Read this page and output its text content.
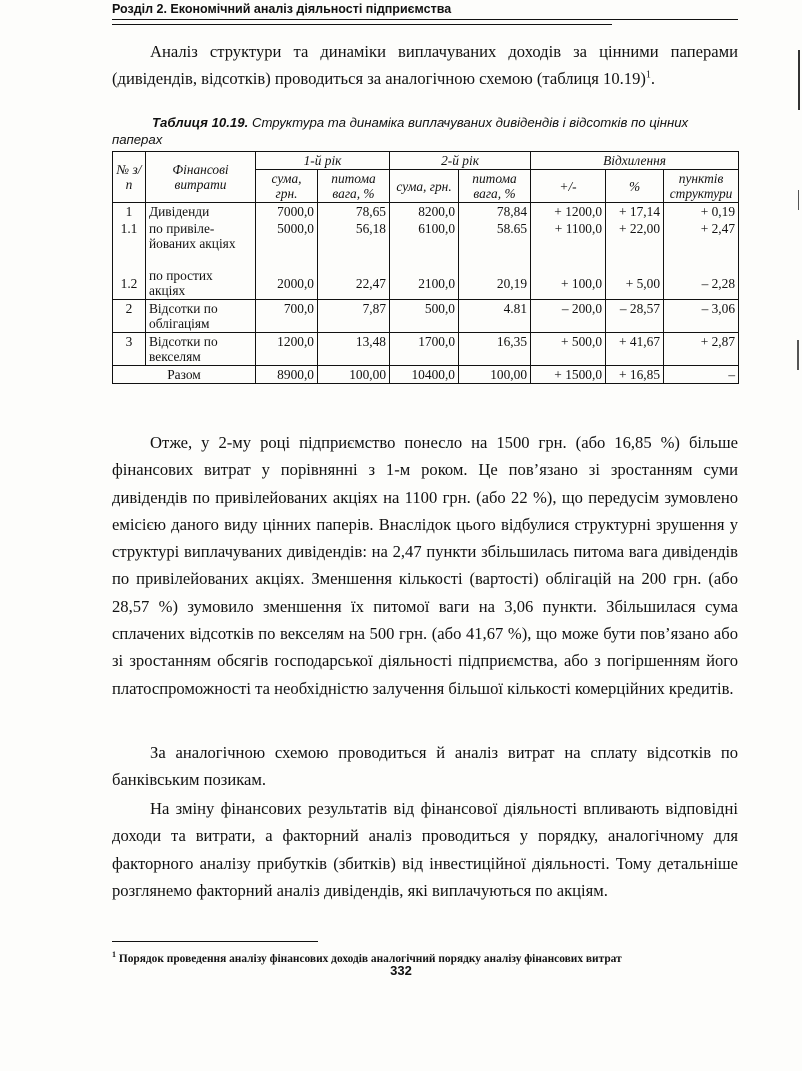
Розділ 2. Економічний аналіз діяльності підприємства

Аналіз структури та динаміки виплачуваних доходів за цінними паперами (дивідендів, відсотків) проводиться за аналогічною схемою (таблиця 10.19)$^1$.

Таблиця 10.19. Структура та динаміка виплачуваних дивідендів і відсотків по цінних паперах

№ з/п	Фінансові витрати	1-й рік		2-й рік		Відхилення		
		сума, грн.	питома вага, %	сума, грн.	питома вага, %	+/-	%	пунктів структури
1	Дивіденди	7000,0	78,65	8200,0	78,84	+ 1200,0	+ 17,14	+ 0,19
1.1	по привіле-йованих акціях	5000,0	56,18	6100,0	58.65	+ 1100,0	+ 22,00	+ 2,47
1.2	по простих акціях	2000,0	22,47	2100,0	20,19	+ 100,0	+ 5,00	– 2,28
2	Відсотки по облігаціям	700,0	7,87	500,0	4.81	– 200,0	– 28,57	– 3,06
3	Відсотки по векселям	1200,0	13,48	1700,0	16,35	+ 500,0	+ 41,67	+ 2,87
Разом		8900,0	100,00	10400,0	100,00	+ 1500,0	+ 16,85	–

Отже, у 2-му році підприємство понесло на 1500 грн. (або 16,85 %) більше фінансових витрат у порівнянні з 1-м роком. Це пов’язано зі зростанням суми дивідендів по привілейованих акціях на 1100 грн. (або 22 %), що передусім зумовлено емісією даного виду цінних паперів. Внаслідок цього відбулися структурні зрушення у структурі виплачуваних дивідендів: на 2,47 пункти збільшилась питома вага дивідендів по привілейованих акціях. Зменшення кількості (вартості) облігацій на 200 грн. (або 28,57 %) зумовило зменшення їх питомої ваги на 3,06 пункти. Збільшилася сума сплачених відсотків по векселям на 500 грн. (або 41,67 %), що може бути пов’язано або зі зростанням обсягів господарської діяльності підприємства, або з погіршенням його платоспроможності та необхідністю залучення більшої кількості комерційних кредитів.

За аналогічною схемою проводиться й аналіз витрат на сплату відсотків по банківським позикам.

На зміну фінансових результатів від фінансової діяльності впливають відповідні доходи та витрати, а факторний аналіз проводиться у порядку, аналогічному для факторного аналізу прибутків (збитків) від інвестиційної діяльності. Тому детальніше розглянемо факторний аналіз дивідендів, які виплачуються по акціям.

$^1$ Порядок проведення аналізу фінансових доходів аналогічний порядку аналізу фінансових витрат

332
